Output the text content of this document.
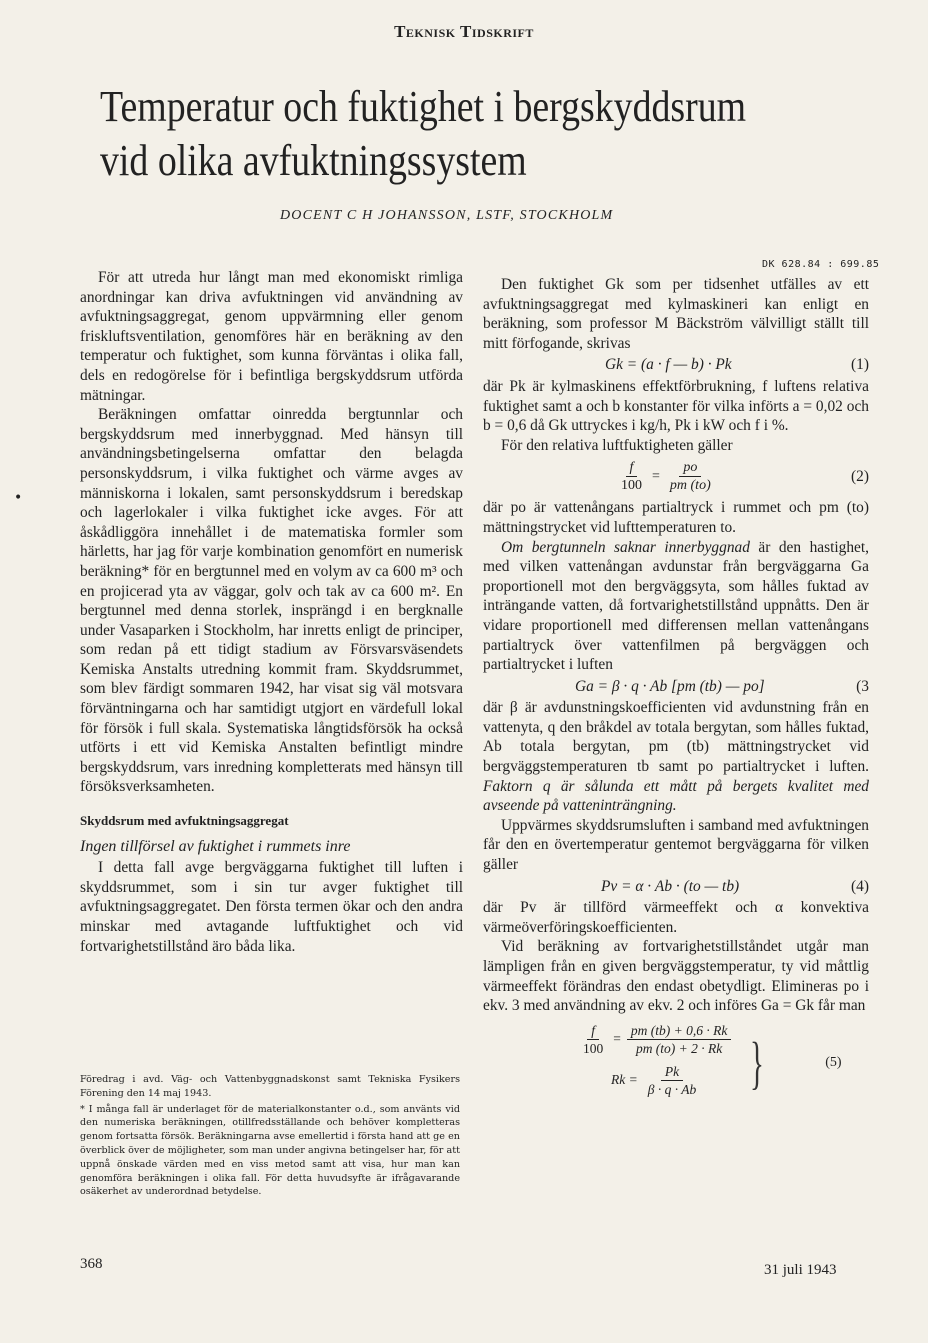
Teknisk Tidskrift
Temperatur och fuktighet i bergskyddsrum

vid olika avfuktningssystem
DOCENT C H JOHANSSON, LSTF, STOCKHOLM
DK 628.84 : 699.85
•

För att utreda hur långt man med ekonomiskt rimliga anordningar kan driva avfuktningen vid användning av avfuktningsaggregat, genom uppvärmning eller genom friskluftsventilation, genomföres här en beräkning av den temperatur och fuktighet, som kunna förväntas i olika fall, dels en redogörelse för i befintliga bergskyddsrum utförda mätningar.

Beräkningen omfattar oinredda bergtunnlar och bergskyddsrum med innerbyggnad. Med hänsyn till användningsbetingelserna omfattar den belagda personskyddsrum, i vilka fuktighet och värme avges av människorna i lokalen, samt personskyddsrum i beredskap och lagerlokaler i vilka fuktighet icke avges. För att åskådliggöra innehållet i de matematiska formler som härletts, har jag för varje kombination genomfört en numerisk beräkning* för en bergtunnel med en volym av ca 600 m³ och en projicerad yta av väggar, golv och tak av ca 600 m². En bergtunnel med denna storlek, insprängd i en bergknalle under Vasaparken i Stockholm, har inretts enligt de principer, som redan på ett tidigt stadium av Försvarsväsendets Kemiska Anstalts utredning kommit fram. Skyddsrummet, som blev färdigt sommaren 1942, har visat sig väl motsvara förväntningarna och har samtidigt utgjort en värdefull lokal för försök i full skala. Systematiska långtidsförsök ha också utförts i ett vid Kemiska Anstalten befintligt mindre bergskyddsrum, vars inredning kompletterats med hänsyn till försöksverksamheten.

Skyddsrum med avfuktningsaggregat
Ingen tillförsel av fuktighet i rummets inre

I detta fall avge bergväggarna fuktighet till luften i skyddsrummet, som i sin tur avger fuktighet till avfuktningsaggregatet. Den första termen ökar och den andra minskar med avtagande luftfuktighet och vid fortvarighetstillstånd äro båda lika.

Föredrag i avd. Väg- och Vattenbyggnadskonst samt Tekniska Fysikers Förening den 14 maj 1943.

* I många fall är underlaget för de materialkonstanter o.d., som använts vid den numeriska beräkningen, otillfredsställande och behöver kompletteras genom fortsatta försök. Beräkningarna avse emellertid i första hand att ge en överblick över de möjligheter, som man under angivna betingelser har, för att uppnå önskade värden med en viss metod samt att visa, hur man kan genomföra beräkningen i olika fall. För detta huvudsyfte är ifrågavarande osäkerhet av underordnad betydelse.

Den fuktighet Gk som per tidsenhet utfälles av ett avfuktningsaggregat med kylmaskineri kan enligt en beräkning, som professor M Bäckström välvilligt ställt till mitt förfogande, skrivas

Gk = (a · f — b) · Pk	(1)

där Pk är kylmaskinens effektförbrukning, f luftens relativa fuktighet samt a och b konstanter för vilka införts a = 0,02 och b = 0,6 då Gk uttryckes i kg/h, Pk i kW och f i %.

För den relativa luftfuktigheten gäller

$\frac{f}{100} = \frac{po}{pm (to)}$	(2)

där po är vattenångans partialtryck i rummet och pm (to) mättningstrycket vid lufttemperaturen to.

Om bergtunneln saknar innerbyggnad är den hastighet, med vilken vattenångan avdunstar från bergväggarna Ga proportionell mot den bergväggsyta, som hålles fuktad av inträngande vatten, då fortvarighetstillstånd uppnåtts. Den är vidare proportionell med differensen mellan vattenångans partialtryck över vattenfilmen på bergväggen och partialtrycket i luften

Ga = β · q · Ab [pm (tb) — po]	(3

där β är avdunstningskoefficienten vid avdunstning från en vattenyta, q den bråkdel av totala bergytan, som hålles fuktad, Ab totala bergytan, pm (tb) mättningstrycket vid bergväggstemperaturen tb samt po partialtrycket i luften. Faktorn q är sålunda ett mått på bergets kvalitet med avseende på vatteninträngning.

Uppvärmes skyddsrumsluften i samband med avfuktningen får den en övertemperatur gentemot bergväggarna för vilken gäller

Pv = α · Ab · (to — tb)	(4)

där Pv är tillförd värmeeffekt och α konvektiva värmeöverföringskoefficienten.

Vid beräkning av fortvarighetstillståndet utgår man lämpligen från en given bergväggstemperatur, ty vid måttlig värmeeffekt förändras den endast obetydligt. Elimineras po i ekv. 3 med användning av ekv. 2 och införes Ga = Gk får man

$\frac{f}{100} = \frac{pm (tb) + 0,6 \cdot Rk}{pm (to) + 2 \cdot Rk}$
$Rk = \frac{Pk}{\beta \cdot q \cdot Ab}$ }	(5)
368	31 juli 1943
